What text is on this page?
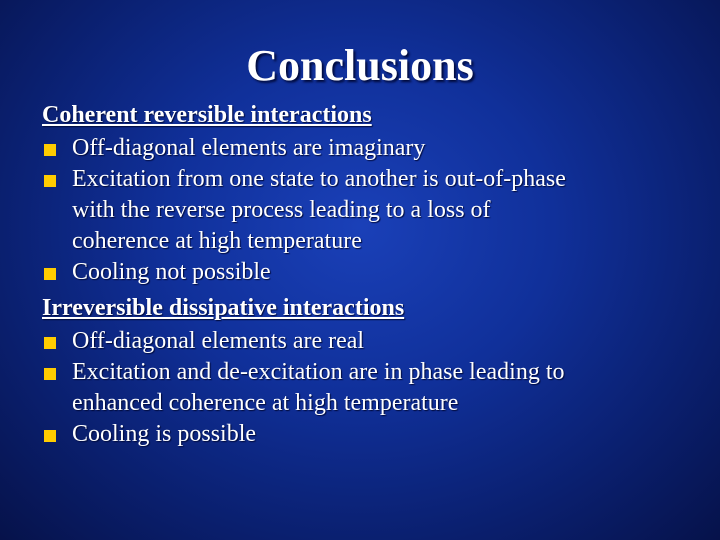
Conclusions
Coherent reversible interactions
Off-diagonal elements are imaginary
Excitation from one state to another is out-of-phase
with the reverse process leading to a loss of
coherence at high temperature
Cooling not possible
Irreversible dissipative interactions
Off-diagonal elements are real
Excitation and de-excitation are in phase leading to
enhanced coherence at high temperature
Cooling is possible
